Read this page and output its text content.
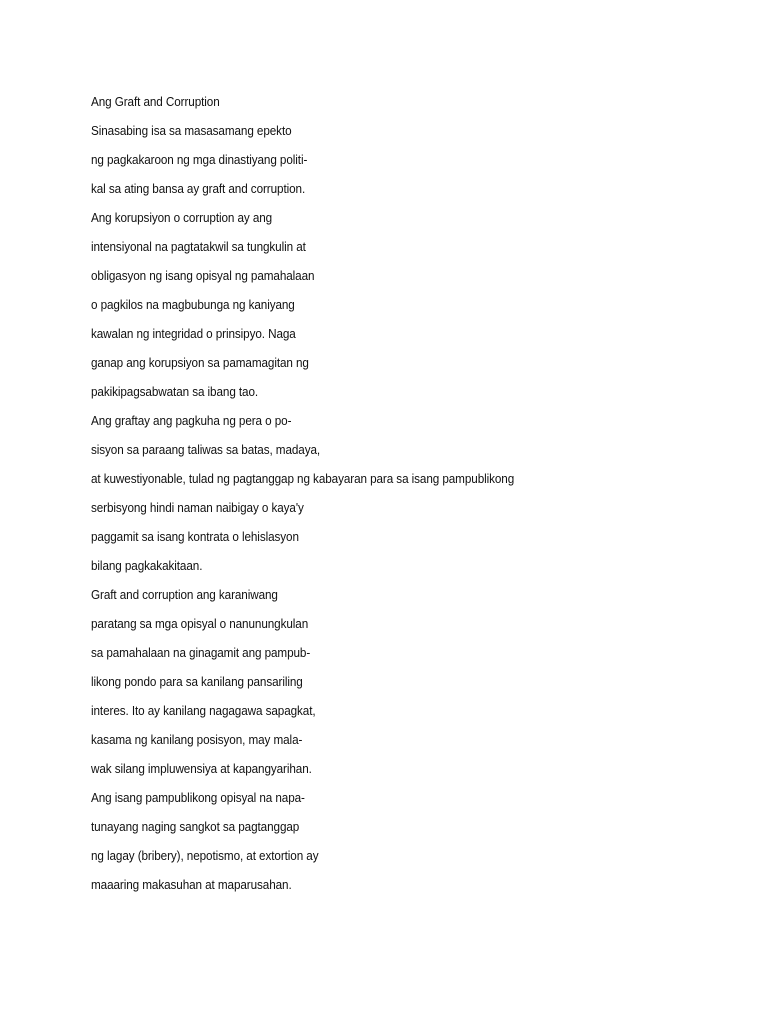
Ang Graft and Corruption
Sinasabing isa sa masasamang epekto
ng pagkakaroon ng mga dinastiyang politi-
kal sa ating bansa ay graft and corruption.
Ang korupsiyon o corruption ay ang
intensiyonal na pagtatakwil sa tungkulin at
obligasyon ng isang opisyal ng pamahalaan
o pagkilos na magbubunga ng kaniyang
kawalan ng integridad o prinsipyo. Naga
ganap ang korupsiyon sa pamamagitan ng
pakikipagsabwatan sa ibang tao.
Ang graftay ang pagkuha ng pera o po-
sisyon sa paraang taliwas sa batas, madaya,
at kuwestiyonable, tulad ng pagtanggap ng kabayaran para sa isang pampublikong
serbisyong hindi naman naibigay o kaya'y
paggamit sa isang kontrata o lehislasyon
bilang pagkakakitaan.
Graft and corruption ang karaniwang
paratang sa mga opisyal o nanunungkulan
sa pamahalaan na ginagamit ang pampub-
likong pondo para sa kanilang pansariling
interes. Ito ay kanilang nagagawa sapagkat,
kasama ng kanilang posisyon, may mala-
wak silang impluwensiya at kapangyarihan.
Ang isang pampublikong opisyal na napa-
tunayang naging sangkot sa pagtanggap
ng lagay (bribery), nepotismo, at extortion ay
maaaring makasuhan at maparusahan.
